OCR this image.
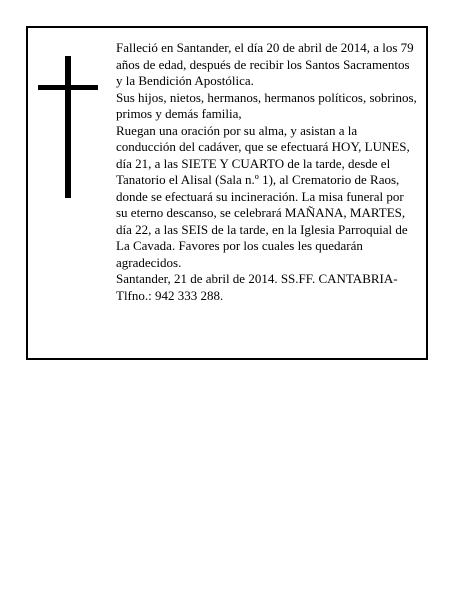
Falleció en Santander, el día 20 de abril de 2014, a los 79 años de edad, después de recibir los Santos Sacramentos y la Bendición Apostólica.

Sus hijos, nietos, hermanos, hermanos políticos, sobrinos, primos y demás familia,

Ruegan una oración por su alma, y asistan a la conducción del cadáver, que se efectuará HOY, LUNES, día 21, a las SIETE Y CUARTO de la tarde, desde el Tanatorio el Alisal (Sala n.º 1), al Crematorio de Raos, donde se efectuará su incineración. La misa funeral por su eterno descanso, se celebrará MAÑANA, MARTES, día 22, a las SEIS de la tarde, en la Iglesia Parroquial de La Cavada. Favores por los cuales les quedarán agradecidos.

Santander, 21 de abril de 2014. SS.FF. CANTABRIA-Tlfno.: 942 333 288.
